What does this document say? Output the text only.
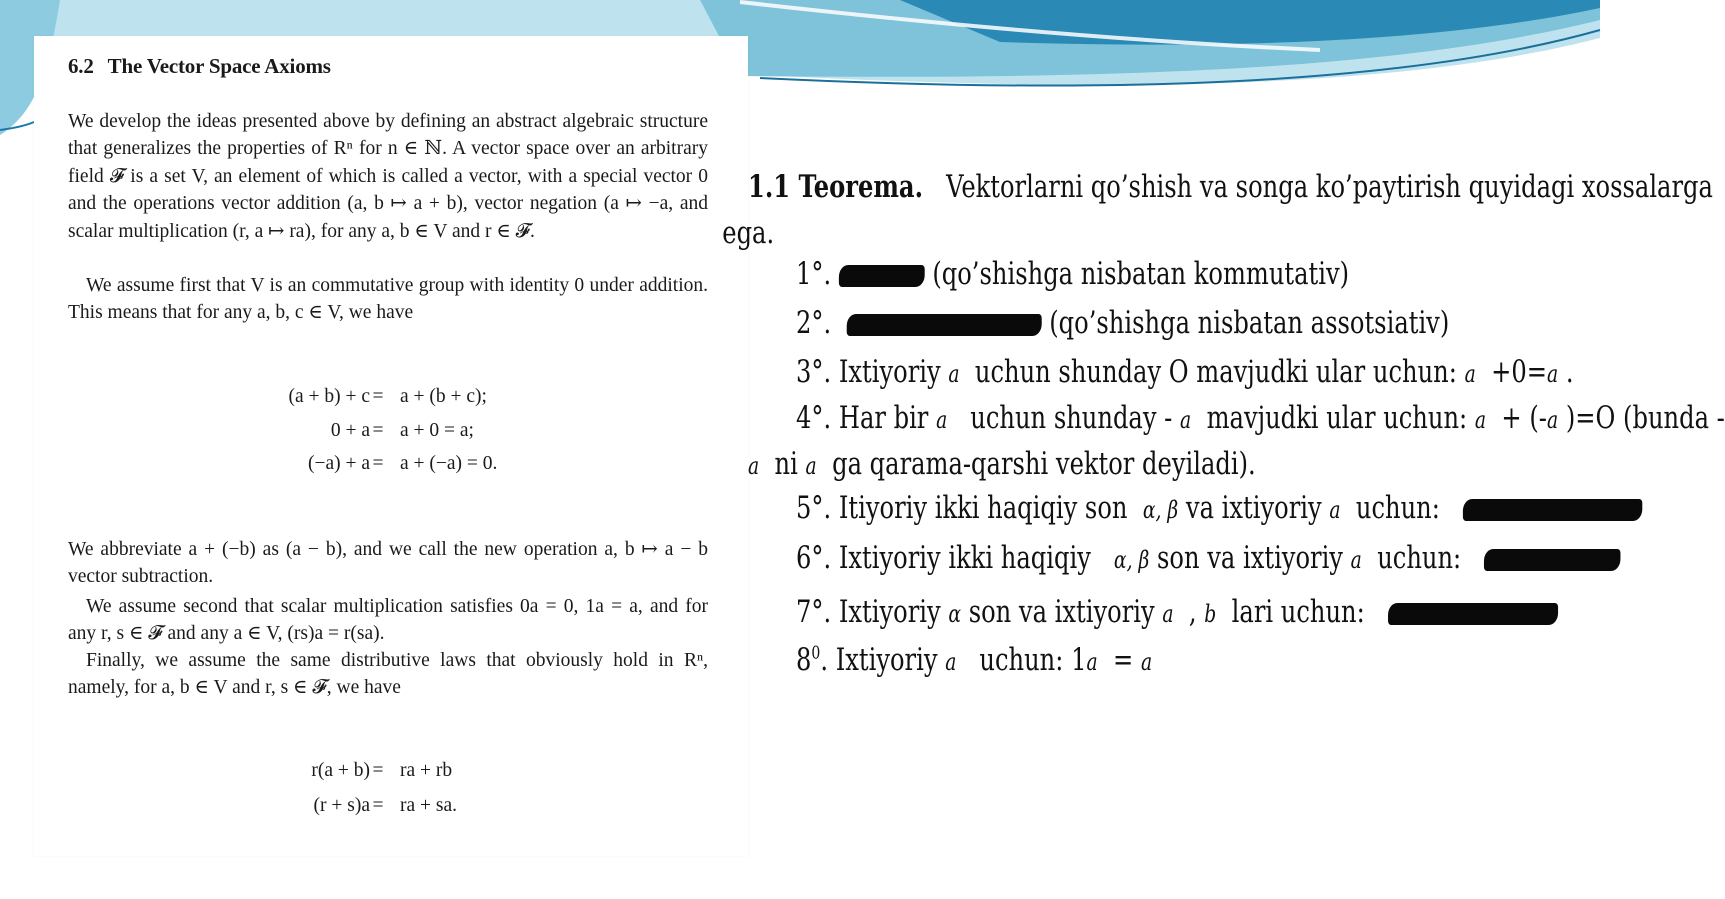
6.2 The Vector Space Axioms
We develop the ideas presented above by defining an abstract algebraic structure that generalizes the properties of Rⁿ for n ∈ ℕ. A vector space over an arbitrary field 𝓕 is a set V, an element of which is called a vector, with a special vector 0 and the operations vector addition (a, b ↦ a + b), vector negation (a ↦ −a, and scalar multiplication (r, a ↦ ra), for any a, b ∈ V and r ∈ 𝓕.
We assume first that V is an commutative group with identity 0 under addition. This means that for any a, b, c ∈ V, we have
(a + b) + c = a + (b + c);
0 + a = a + 0 = a;
(−a) + a = a + (−a) = 0.
We abbreviate a + (−b) as (a − b), and we call the new operation a, b ↦ a − b vector subtraction.
We assume second that scalar multiplication satisfies 0a = 0, 1a = a, and for any r, s ∈ 𝓕 and any a ∈ V, (rs)a = r(sa).
Finally, we assume the same distributive laws that obviously hold in Rⁿ, namely, for a, b ∈ V and r, s ∈ 𝓕, we have
r(a + b) = ra + rb
(r + s)a = ra + sa.
1.1 Teorema. Vektorlarni qo’shish va songa ko’paytirish quyidagi xossalarga
ega.
1°.	(qo’shishga nisbatan kommutativ)
2°.	(qo’shishga nisbatan assotsiativ)
3°. Ixtiyoriy a uchun shunday O mavjudki ular uchun: a +0=a .
4°. Har bir a uchun shunday - a mavjudki ular uchun: a + (-a )=O (bunda -
a ni a ga qarama-qarshi vektor deyiladi).
5°. Itiyoriy ikki haqiqiy son α, β va ixtiyoriy a uchun:
6°. Ixtiyoriy ikki haqiqiy α, β son va ixtiyoriy a uchun:
7°. Ixtiyoriy α son va ixtiyoriy a , b lari uchun:
$8^0$. Ixtiyoriy a uchun: 1a = a
